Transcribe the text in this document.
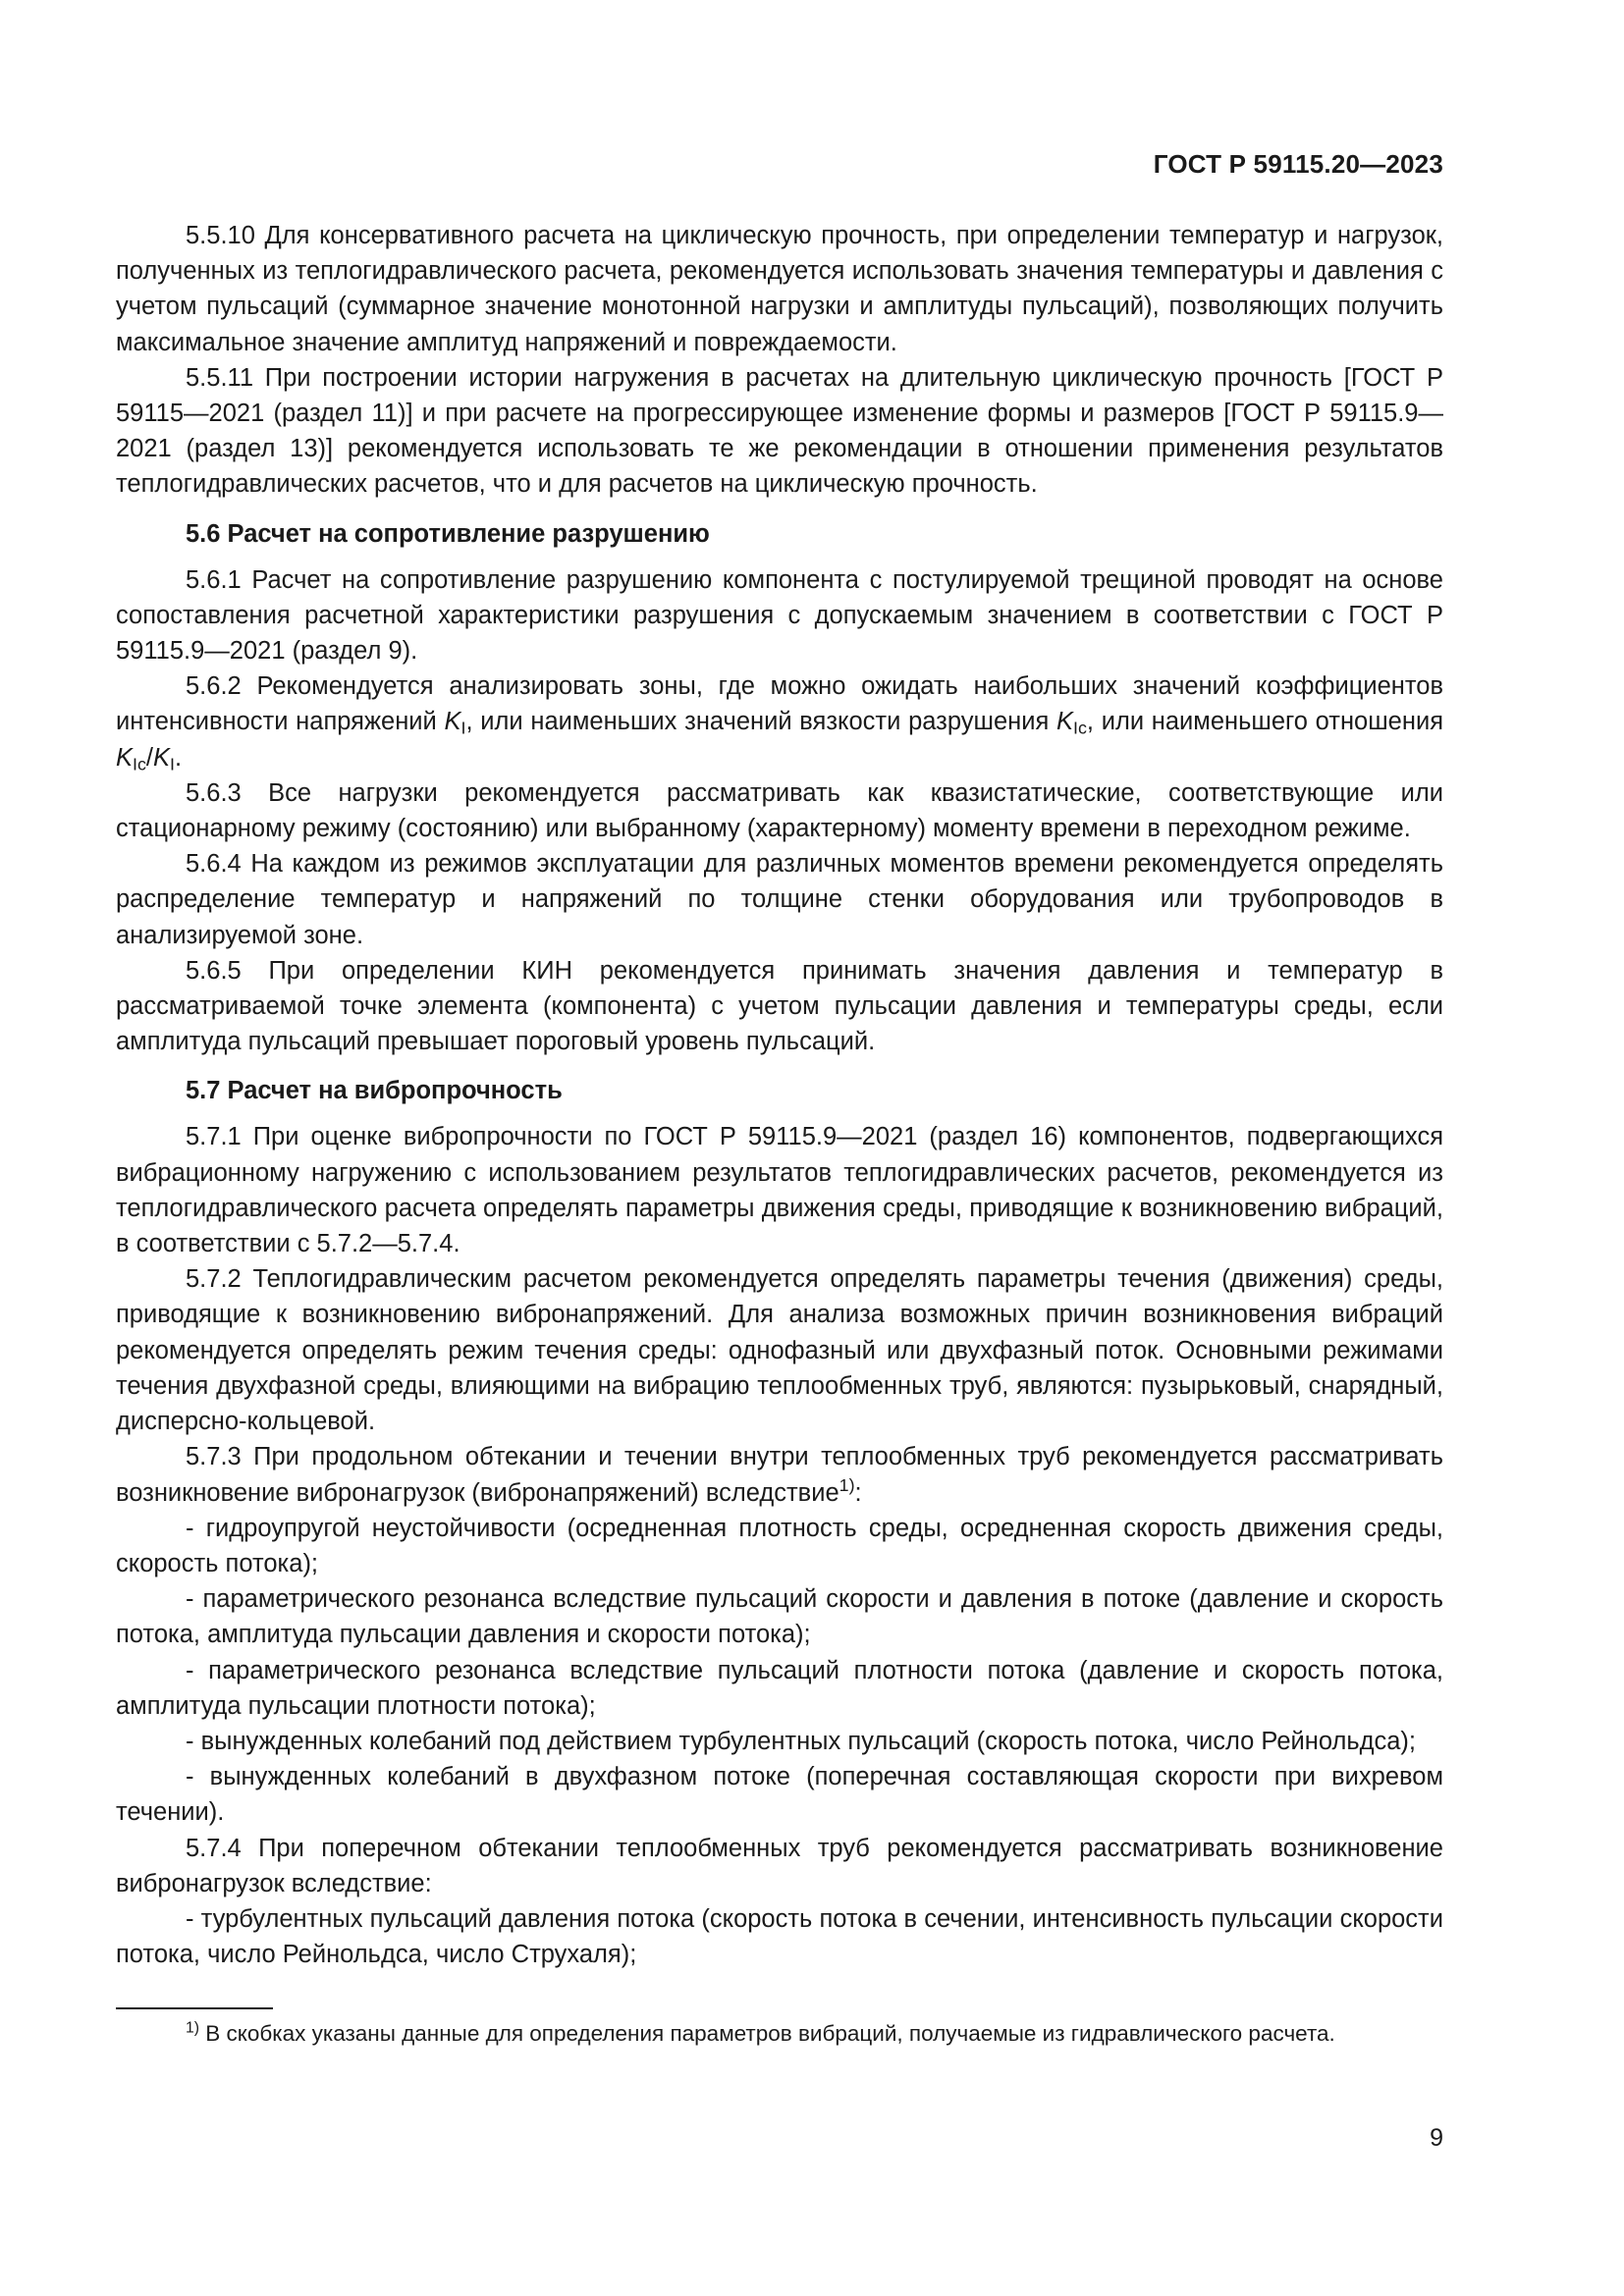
ГОСТ Р 59115.20—2023

5.5.10 Для консервативного расчета на циклическую прочность, при определении температур и нагрузок, полученных из теплогидравлического расчета, рекомендуется использовать значения температуры и давления с учетом пульсаций (суммарное значение монотонной нагрузки и амплитуды пульсаций), позволяющих получить максимальное значение амплитуд напряжений и повреждаемости.

5.5.11 При построении истории нагружения в расчетах на длительную циклическую прочность [ГОСТ Р 59115—2021 (раздел 11)] и при расчете на прогрессирующее изменение формы и размеров [ГОСТ Р 59115.9—2021 (раздел 13)] рекомендуется использовать те же рекомендации в отношении применения результатов теплогидравлических расчетов, что и для расчетов на циклическую прочность.

5.6 Расчет на сопротивление разрушению

5.6.1 Расчет на сопротивление разрушению компонента с постулируемой трещиной проводят на основе сопоставления расчетной характеристики разрушения с допускаемым значением в соответствии с ГОСТ Р 59115.9—2021 (раздел 9).

5.6.2 Рекомендуется анализировать зоны, где можно ожидать наибольших значений коэффициентов интенсивности напряжений $K_I$, или наименьших значений вязкости разрушения $K_{Ic}$, или наименьшего отношения $K_{Ic}/K_I$.

5.6.3 Все нагрузки рекомендуется рассматривать как квазистатические, соответствующие или стационарному режиму (состоянию) или выбранному (характерному) моменту времени в переходном режиме.

5.6.4 На каждом из режимов эксплуатации для различных моментов времени рекомендуется определять распределение температур и напряжений по толщине стенки оборудования или трубопроводов в анализируемой зоне.

5.6.5 При определении КИН рекомендуется принимать значения давления и температур в рассматриваемой точке элемента (компонента) с учетом пульсации давления и температуры среды, если амплитуда пульсаций превышает пороговый уровень пульсаций.

5.7 Расчет на вибропрочность

5.7.1 При оценке вибропрочности по ГОСТ Р 59115.9—2021 (раздел 16) компонентов, подвергающихся вибрационному нагружению с использованием результатов теплогидравлических расчетов, рекомендуется из теплогидравлического расчета определять параметры движения среды, приводящие к возникновению вибраций, в соответствии с 5.7.2—5.7.4.

5.7.2 Теплогидравлическим расчетом рекомендуется определять параметры течения (движения) среды, приводящие к возникновению вибронапряжений. Для анализа возможных причин возникновения вибраций рекомендуется определять режим течения среды: однофазный или двухфазный поток. Основными режимами течения двухфазной среды, влияющими на вибрацию теплообменных труб, являются: пузырьковый, снарядный, дисперсно-кольцевой.

5.7.3 При продольном обтекании и течении внутри теплообменных труб рекомендуется рассматривать возникновение вибронагрузок (вибронапряжений) вследствие$^{1)}$:

- гидроупругой неустойчивости (осредненная плотность среды, осредненная скорость движения среды, скорость потока);

- параметрического резонанса вследствие пульсаций скорости и давления в потоке (давление и скорость потока, амплитуда пульсации давления и скорости потока);

- параметрического резонанса вследствие пульсаций плотности потока (давление и скорость потока, амплитуда пульсации плотности потока);

- вынужденных колебаний под действием турбулентных пульсаций (скорость потока, число Рейнольдса);

- вынужденных колебаний в двухфазном потоке (поперечная составляющая скорости при вихревом течении).

5.7.4 При поперечном обтекании теплообменных труб рекомендуется рассматривать возникновение вибронагрузок вследствие:

- турбулентных пульсаций давления потока (скорость потока в сечении, интенсивность пульсации скорости потока, число Рейнольдса, число Струхаля);

$^{1)}$ В скобках указаны данные для определения параметров вибраций, получаемые из гидравлического расчета.

9
